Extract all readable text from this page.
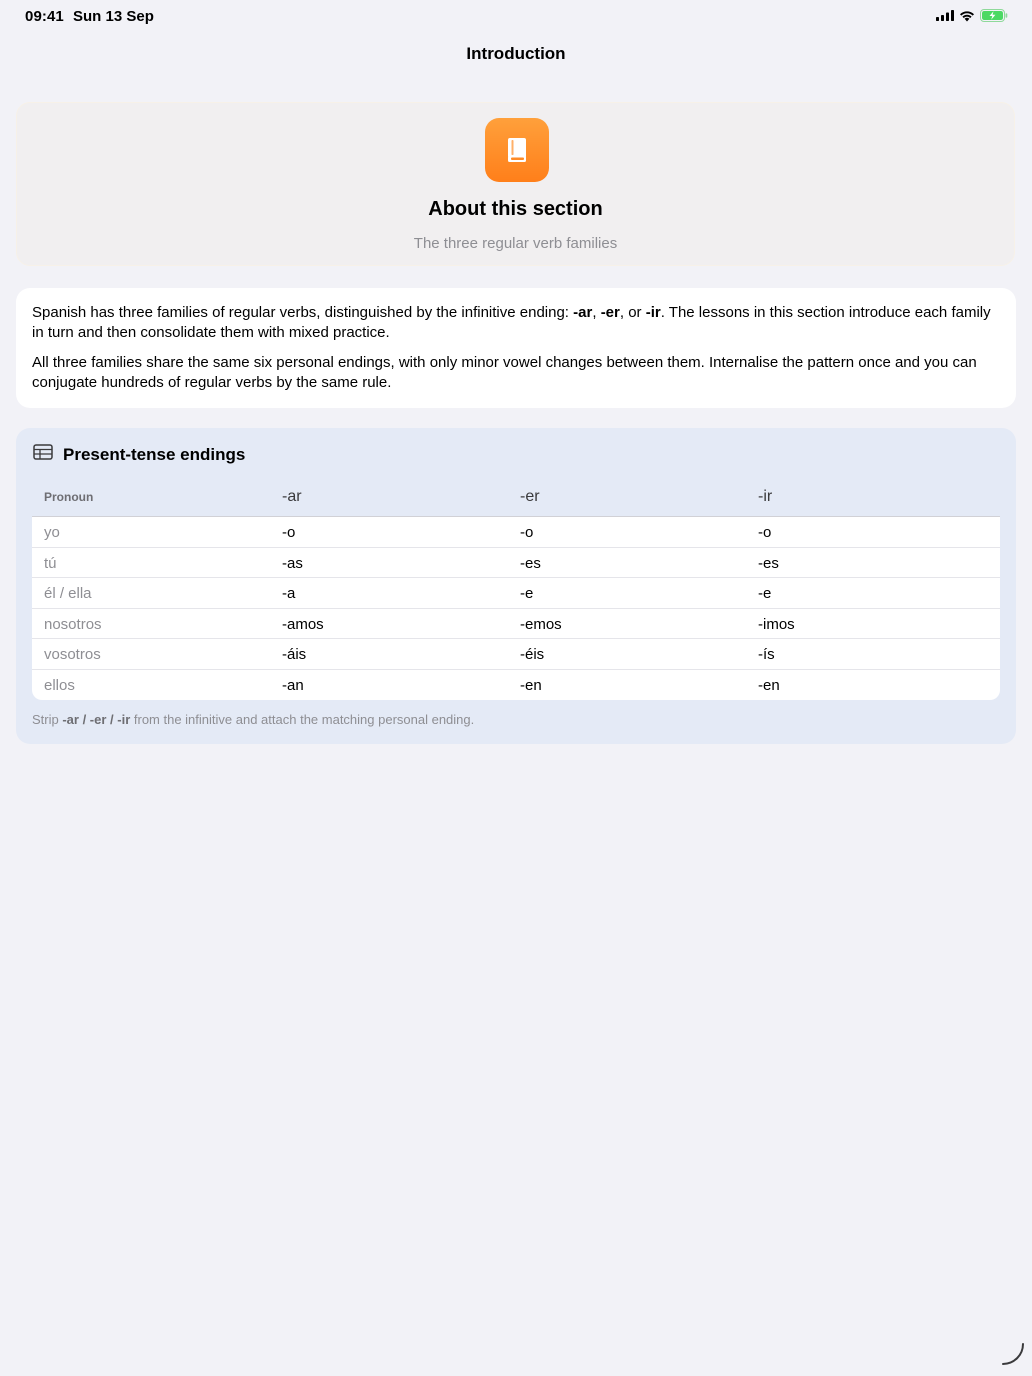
09:41 Sun 13 Sep
Introduction
About this section
The three regular verb families

Spanish has three families of regular verbs, distinguished by the infinitive ending: -ar, -er, or -ir. The lessons in this section introduce each family in turn and then consolidate them with mixed practice.

All three families share the same six personal endings, with only minor vowel changes between them. Internalise the pattern once and you can conjugate hundreds of regular verbs by the same rule.

Present-tense endings
Pronoun	-ar	-er	-ir
yo	-o	-o	-o
tú	-as	-es	-es
él / ella	-a	-e	-e
nosotros	-amos	-emos	-imos
vosotros	-áis	-éis	-ís
ellos	-an	-en	-en
Strip -ar / -er / -ir from the infinitive and attach the matching personal ending.
